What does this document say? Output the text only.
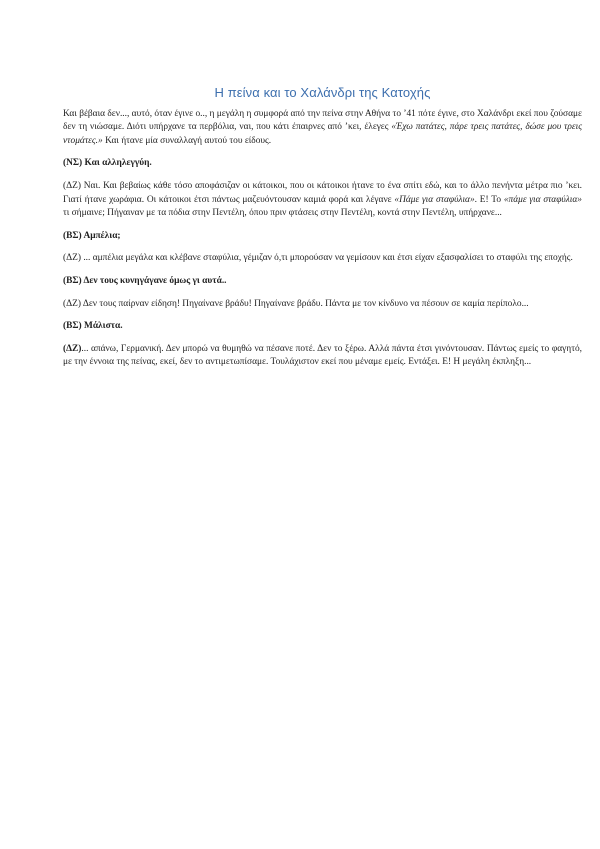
Η πείνα και το Χαλάνδρι της Κατοχής

Και βέβαια δεν..., αυτό, όταν έγινε ο.., η μεγάλη η συμφορά από την πείνα στην Αθήνα το ’41 πότε έγινε, στο Χαλάνδρι εκεί που ζούσαμε δεν τη νιώσαμε. Διότι υπήρχανε τα περβόλια, ναι, που κάτι έπαιρνες από ’κει, έλεγες «Έχω πατάτες, πάρε τρεις πατάτες, δώσε μου τρεις ντομάτες.» Και ήτανε μία συναλλαγή αυτού του είδους.

(ΝΣ) Και αλληλεγγύη.

(ΔΖ) Ναι. Και βεβαίως κάθε τόσο αποφάσιζαν οι κάτοικοι, που οι κάτοικοι ήτανε το ένα σπίτι εδώ, και το άλλο πενήντα μέτρα πιο ’κει. Γιατί ήτανε χωράφια. Οι κάτοικοι έτσι πάντως μαζευόντουσαν καμιά φορά και λέγανε «Πάμε για σταφύλια». Ε! Το «πάμε για σταφύλια» τι σήμαινε; Πήγαιναν με τα πόδια στην Πεντέλη, όπου πριν φτάσεις στην Πεντέλη, κοντά στην Πεντέλη, υπήρχανε...

(ΒΣ) Αμπέλια;

(ΔΖ) ... αμπέλια μεγάλα και κλέβανε σταφύλια, γέμιζαν ό,τι μπορούσαν να γεμίσουν και έτσι είχαν εξασφαλίσει το σταφύλι της εποχής.

(ΒΣ) Δεν τους κυνηγάγανε όμως γι αυτά..

(ΔΖ) Δεν τους παίρναν είδηση! Πηγαίνανε βράδυ! Πηγαίνανε βράδυ. Πάντα με τον κίνδυνο να πέσουν σε καμία περίπολο...

(ΒΣ) Μάλιστα.

(ΔΖ)... απάνω, Γερμανική. Δεν μπορώ να θυμηθώ να πέσανε ποτέ. Δεν το ξέρω. Αλλά πάντα έτσι γινόντουσαν. Πάντως εμείς το φαγητό, με την έννοια της πείνας, εκεί, δεν το αντιμετωπίσαμε. Τουλάχιστον εκεί που μέναμε εμείς. Εντάξει. Ε! Η μεγάλη έκπληξη...
